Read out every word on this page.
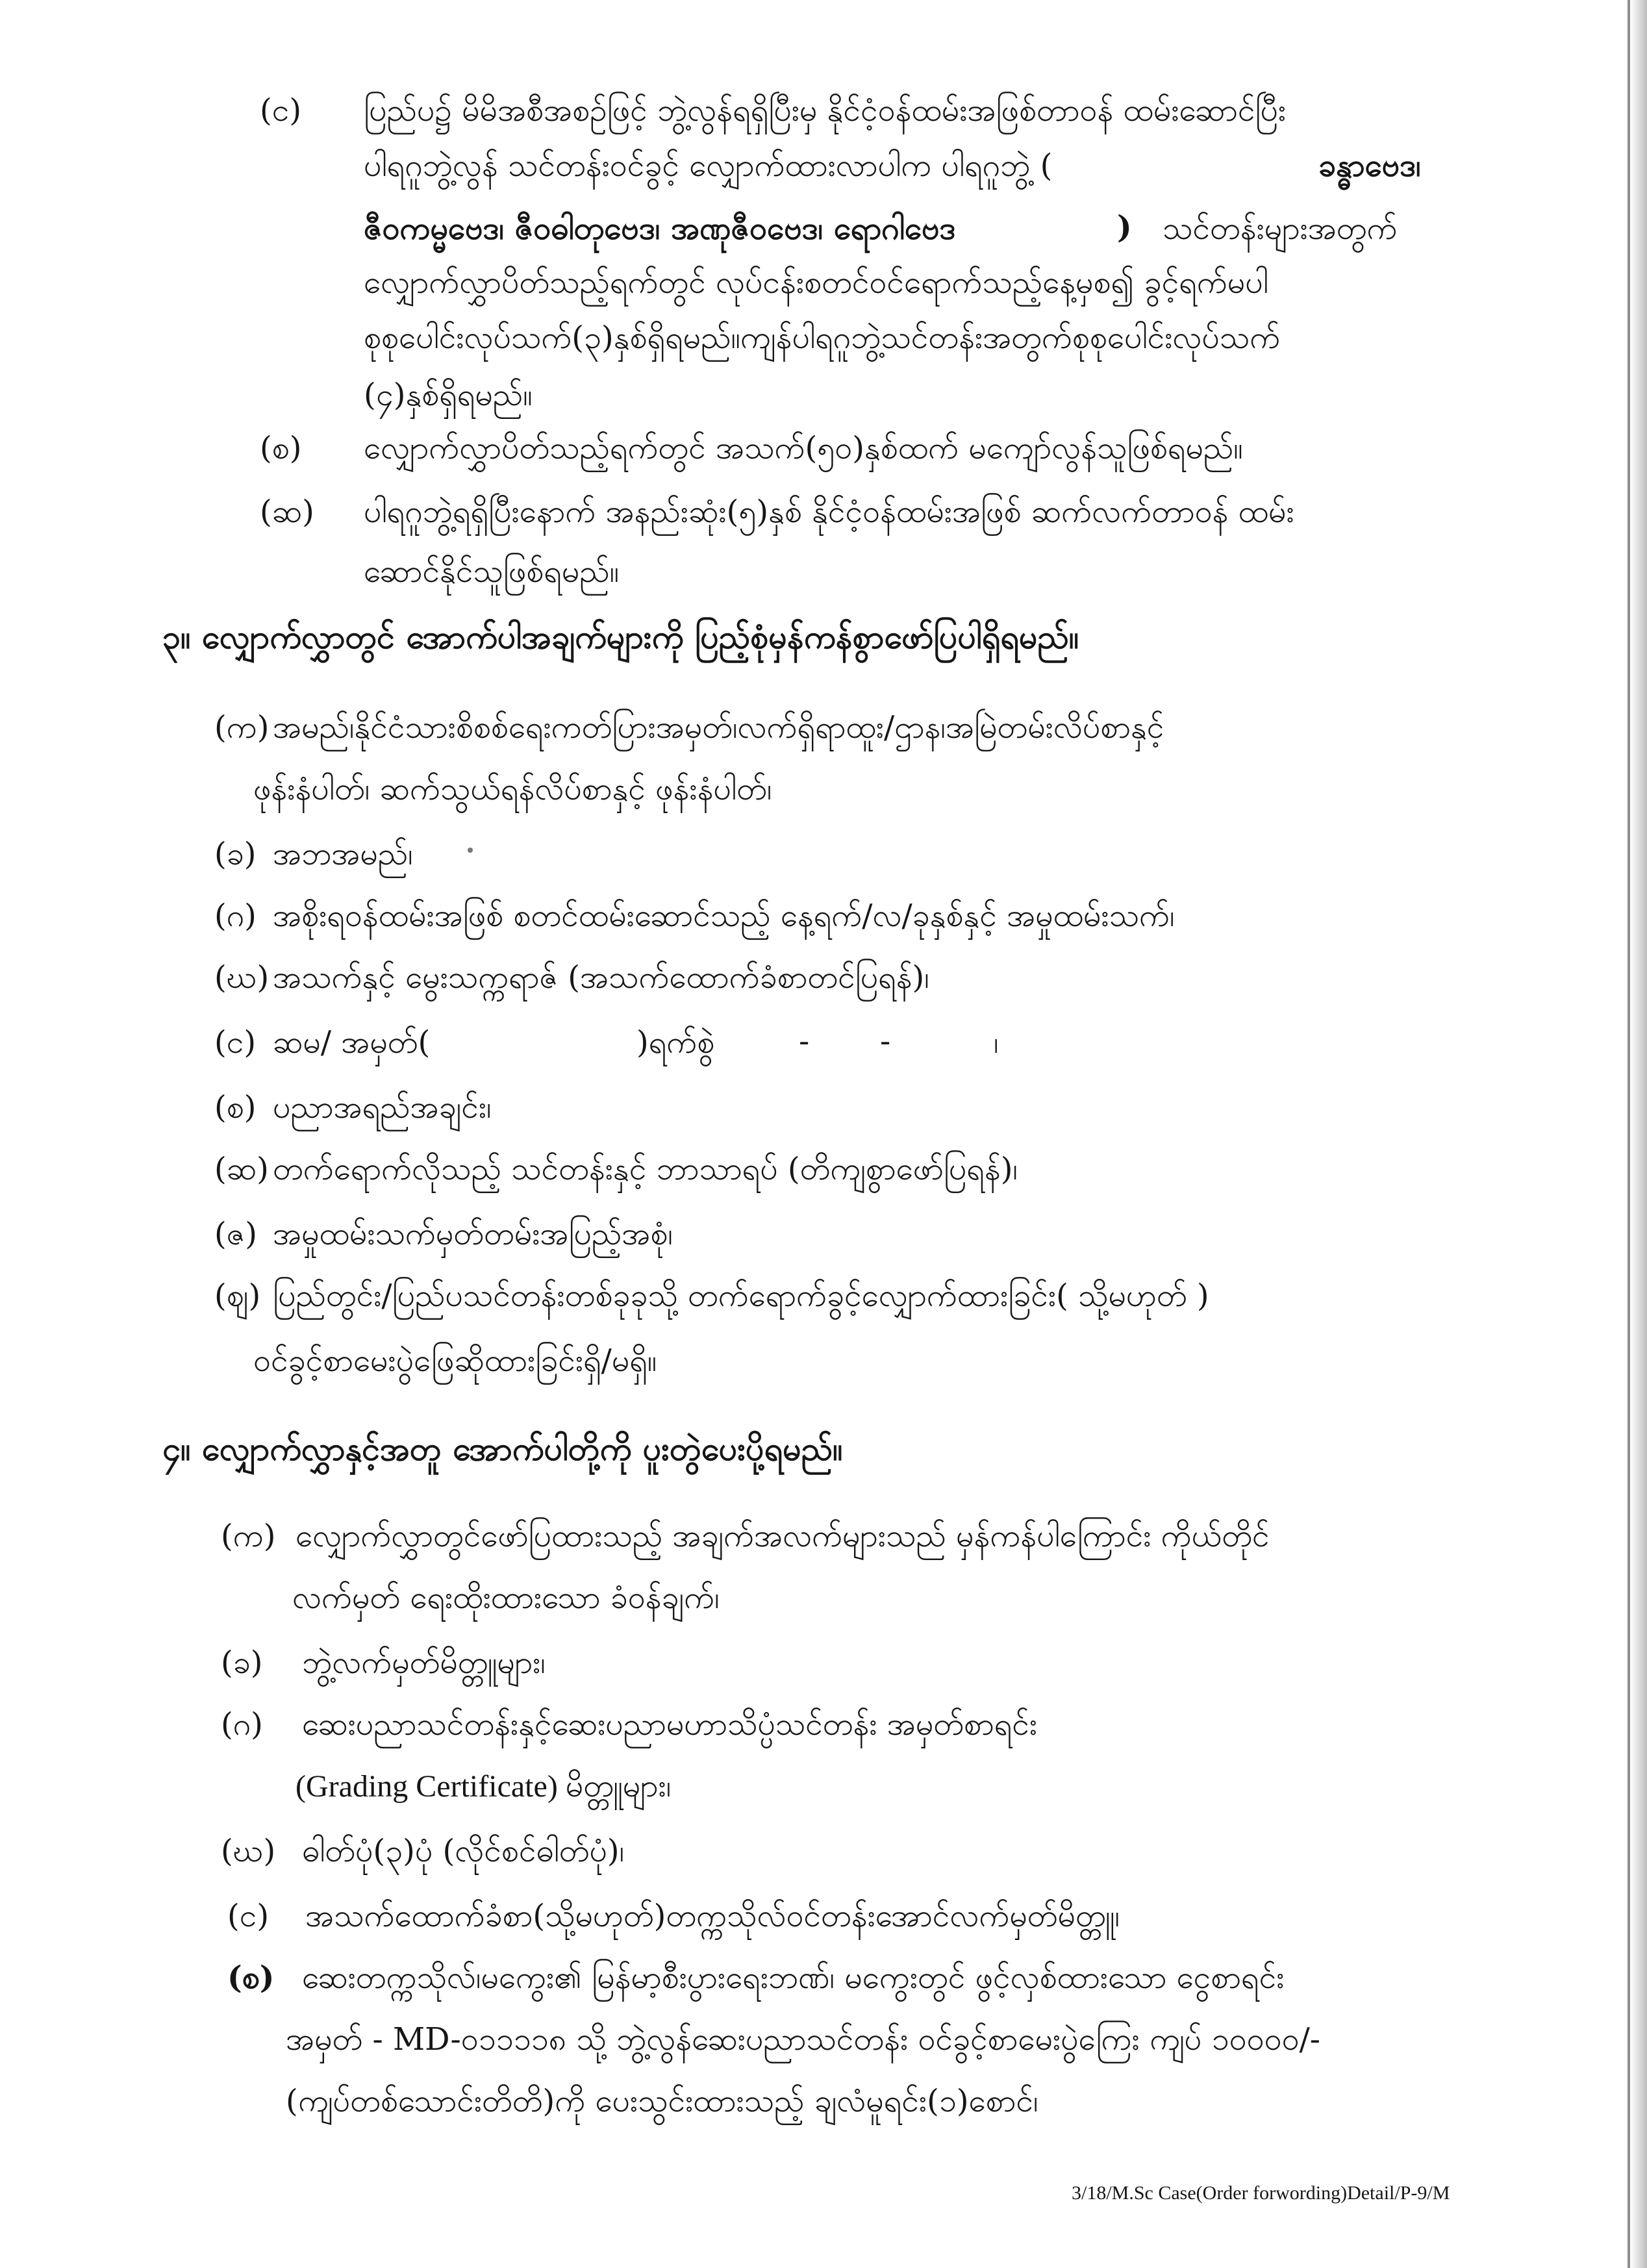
(င) ပြည်ပ၌ မိမိအစီအစဉ်ဖြင့် ဘွဲ့လွန်ရရှိပြီးမှ နိုင်ငံ့ဝန်ထမ်းအဖြစ်တာဝန် ထမ်းဆောင်ပြီး
ပါရဂူဘွဲ့လွန် သင်တန်းဝင်ခွင့် လျှောက်ထားလာပါက ပါရဂူဘွဲ့ (	ခန္ဓာဗေဒ၊
ဇီဝကမ္မဗေဒ၊ ဇီဝဓါတုဗေဒ၊ အဏုဇီဝဗေဒ၊ ရောဂါဗေဒ	) သင်တန်းများအတွက်
လျှောက်လွှာပိတ်သည့်ရက်တွင် လုပ်ငန်းစတင်ဝင်ရောက်သည့်နေ့မှစ၍ ခွင့်ရက်မပါ
စုစုပေါင်းလုပ်သက်(၃)နှစ်ရှိရမည်။ကျန်ပါရဂူဘွဲ့သင်တန်းအတွက်စုစုပေါင်းလုပ်သက်
(၄)နှစ်ရှိရမည်။
(စ) လျှောက်လွှာပိတ်သည့်ရက်တွင် အသက်(၅၀)နှစ်ထက် မကျော်လွန်သူဖြစ်ရမည်။
(ဆ) ပါရဂူဘွဲ့ရရှိပြီးနောက် အနည်းဆုံး(၅)နှစ် နိုင်ငံ့ဝန်ထမ်းအဖြစ် ဆက်လက်တာဝန် ထမ်း
ဆောင်နိုင်သူဖြစ်ရမည်။
၃။ လျှောက်လွှာတွင် အောက်ပါအချက်များကို ပြည့်စုံမှန်ကန်စွာဖော်ပြပါရှိရမည်။
(က) အမည်၊နိုင်ငံသားစိစစ်ရေးကတ်ပြားအမှတ်၊လက်ရှိရာထူး/ဌာန၊အမြဲတမ်းလိပ်စာနှင့်
ဖုန်းနံပါတ်၊ ဆက်သွယ်ရန်လိပ်စာနှင့် ဖုန်းနံပါတ်၊
(ခ) အဘအမည်၊
(ဂ) အစိုးရဝန်ထမ်းအဖြစ် စတင်ထမ်းဆောင်သည့် နေ့ရက်/လ/ခုနှစ်နှင့် အမှုထမ်းသက်၊
(ဃ) အသက်နှင့် မွေးသက္ကရာဇ် (အသက်ထောက်ခံစာတင်ပြရန်)၊
(င) ဆမ/ အမှတ်(	)ရက်စွဲ	- -	၊
(စ) ပညာအရည်အချင်း၊
(ဆ) တက်ရောက်လိုသည့် သင်တန်းနှင့် ဘာသာရပ် (တိကျစွာဖော်ပြရန်)၊
(ဇ) အမှုထမ်းသက်မှတ်တမ်းအပြည့်အစုံ၊
(ဈ) ပြည်တွင်း/ပြည်ပသင်တန်းတစ်ခုခုသို့ တက်ရောက်ခွင့်လျှောက်ထားခြင်း( သို့မဟုတ် )
ဝင်ခွင့်စာမေးပွဲဖြေဆိုထားခြင်းရှိ/မရှိ။
၄။ လျှောက်လွှာနှင့်အတူ အောက်ပါတို့ကို ပူးတွဲပေးပို့ရမည်။
(က) လျှောက်လွှာတွင်ဖော်ပြထားသည့် အချက်အလက်များသည် မှန်ကန်ပါကြောင်း ကိုယ်တိုင်
လက်မှတ် ရေးထိုးထားသော ခံဝန်ချက်၊
(ခ) ဘွဲ့လက်မှတ်မိတ္တူများ၊
(ဂ) ဆေးပညာသင်တန်းနှင့်ဆေးပညာမဟာသိပ္ပံသင်တန်း အမှတ်စာရင်း
(Grading Certificate) မိတ္တူများ၊
(ဃ) ဓါတ်ပုံ(၃)ပုံ (လိုင်စင်ဓါတ်ပုံ)၊
(င) အသက်ထောက်ခံစာ(သို့မဟုတ်)တက္ကသိုလ်ဝင်တန်းအောင်လက်မှတ်မိတ္တူ၊
(စ) ဆေးတက္ကသိုလ်၊မကွေး၏ မြန်မာ့စီးပွားရေးဘဏ်၊ မကွေးတွင် ဖွင့်လှစ်ထားသော ငွေစာရင်း
အမှတ် - MD-၀၁၁၁၁၈ သို့ ဘွဲ့လွန်ဆေးပညာသင်တန်း ဝင်ခွင့်စာမေးပွဲကြေး ကျပ် ၁၀၀၀၀/-
(ကျပ်တစ်သောင်းတိတိ)ကို ပေးသွင်းထားသည့် ချလံမူရင်း(၁)စောင်၊
3/18/M.Sc Case(Order forwording)Detail/P-9/M
